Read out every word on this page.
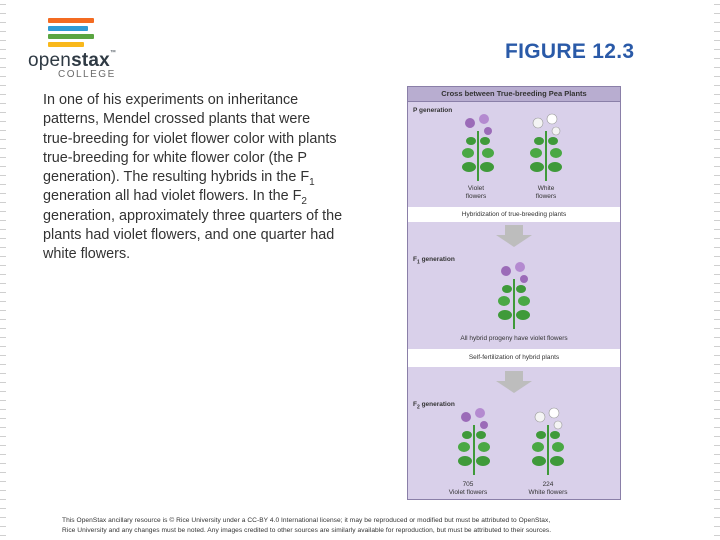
openstax™
COLLEGE
FIGURE 12.3
In one of his experiments on inheritance patterns, Mendel crossed plants that were true-breeding for violet flower color with plants true-breeding for white flower color (the P generation). The resulting hybrids in the $F_1$ generation all had violet flowers. In the $F_2$ generation, approximately three quarters of the plants had violet flowers, and one quarter had white flowers.
Cross between True-breeding Pea Plants
P generation
Violet
flowers
White
flowers
Hybridization of true-breeding plants
$F_1$ generation
All hybrid progeny have violet flowers
Self-fertilization of hybrid plants
$F_2$ generation
705
Violet flowers
224
White flowers
This OpenStax ancillary resource is © Rice University under a CC-BY 4.0 International license; it may be reproduced or modified but must be attributed to OpenStax,
Rice University and any changes must be noted. Any images credited to other sources are similarly available for reproduction, but must be attributed to their sources.
